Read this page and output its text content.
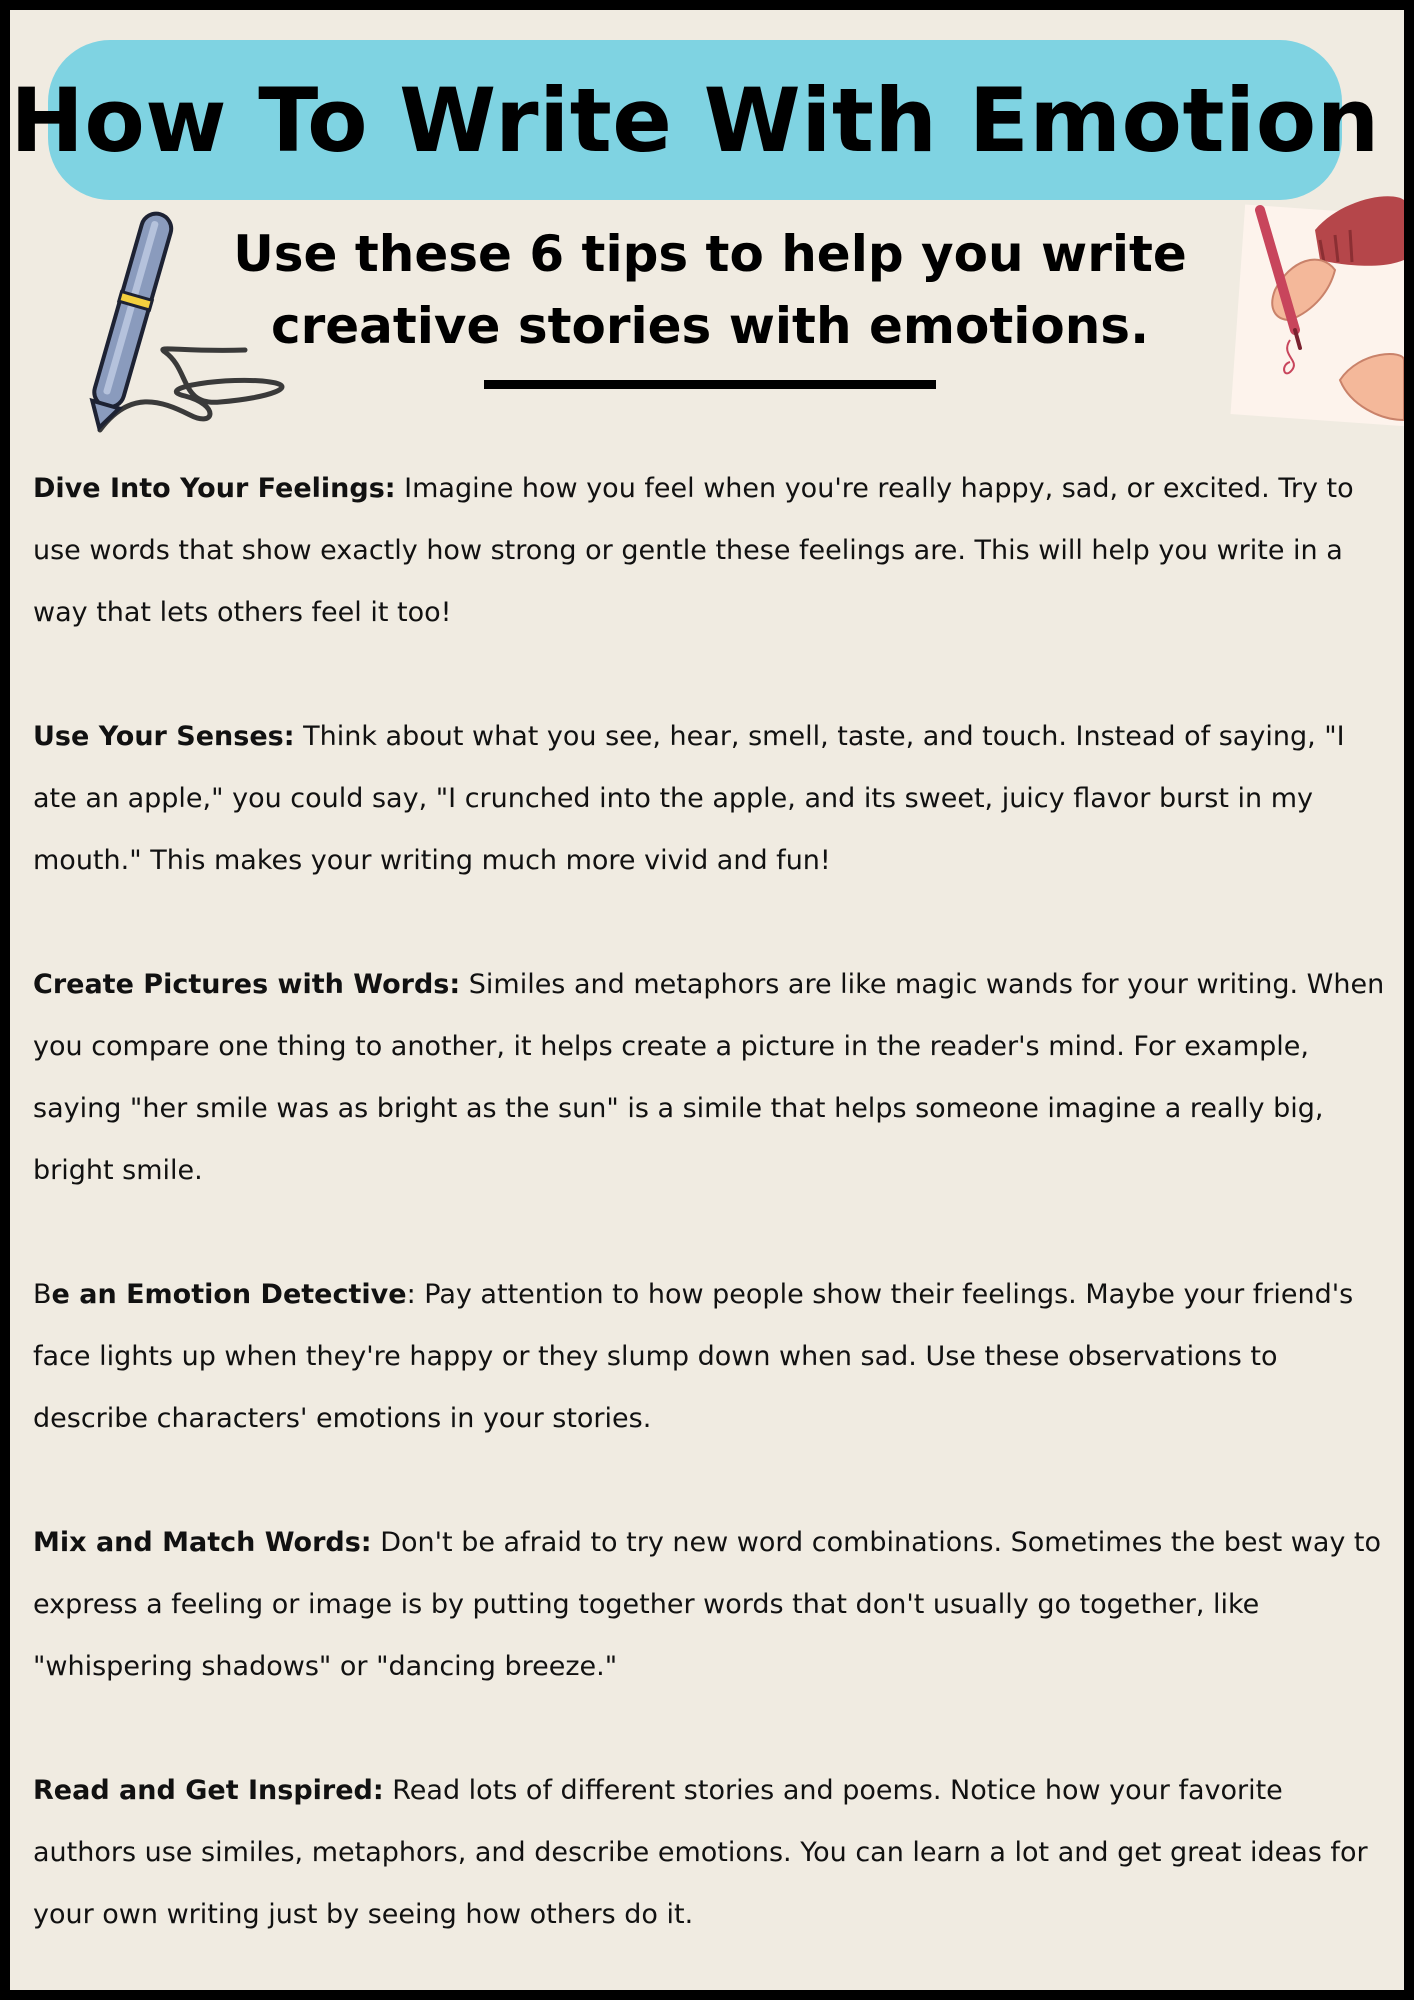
How To Write With Emotion

Use these 6 tips to help you write creative stories with emotions.

Dive Into Your Feelings: Imagine how you feel when you're really happy, sad, or excited. Try to use words that show exactly how strong or gentle these feelings are. This will help you write in a way that lets others feel it too!

Use Your Senses: Think about what you see, hear, smell, taste, and touch. Instead of saying, "I ate an apple," you could say, "I crunched into the apple, and its sweet, juicy flavor burst in my mouth." This makes your writing much more vivid and fun!

Create Pictures with Words: Similes and metaphors are like magic wands for your writing. When you compare one thing to another, it helps create a picture in the reader's mind. For example, saying "her smile was as bright as the sun" is a simile that helps someone imagine a really big, bright smile.

Be an Emotion Detective: Pay attention to how people show their feelings. Maybe your friend's face lights up when they're happy or they slump down when sad. Use these observations to describe characters' emotions in your stories.

Mix and Match Words: Don't be afraid to try new word combinations. Sometimes the best way to express a feeling or image is by putting together words that don't usually go together, like "whispering shadows" or "dancing breeze."

Read and Get Inspired: Read lots of different stories and poems. Notice how your favorite authors use similes, metaphors, and describe emotions. You can learn a lot and get great ideas for your own writing just by seeing how others do it.
